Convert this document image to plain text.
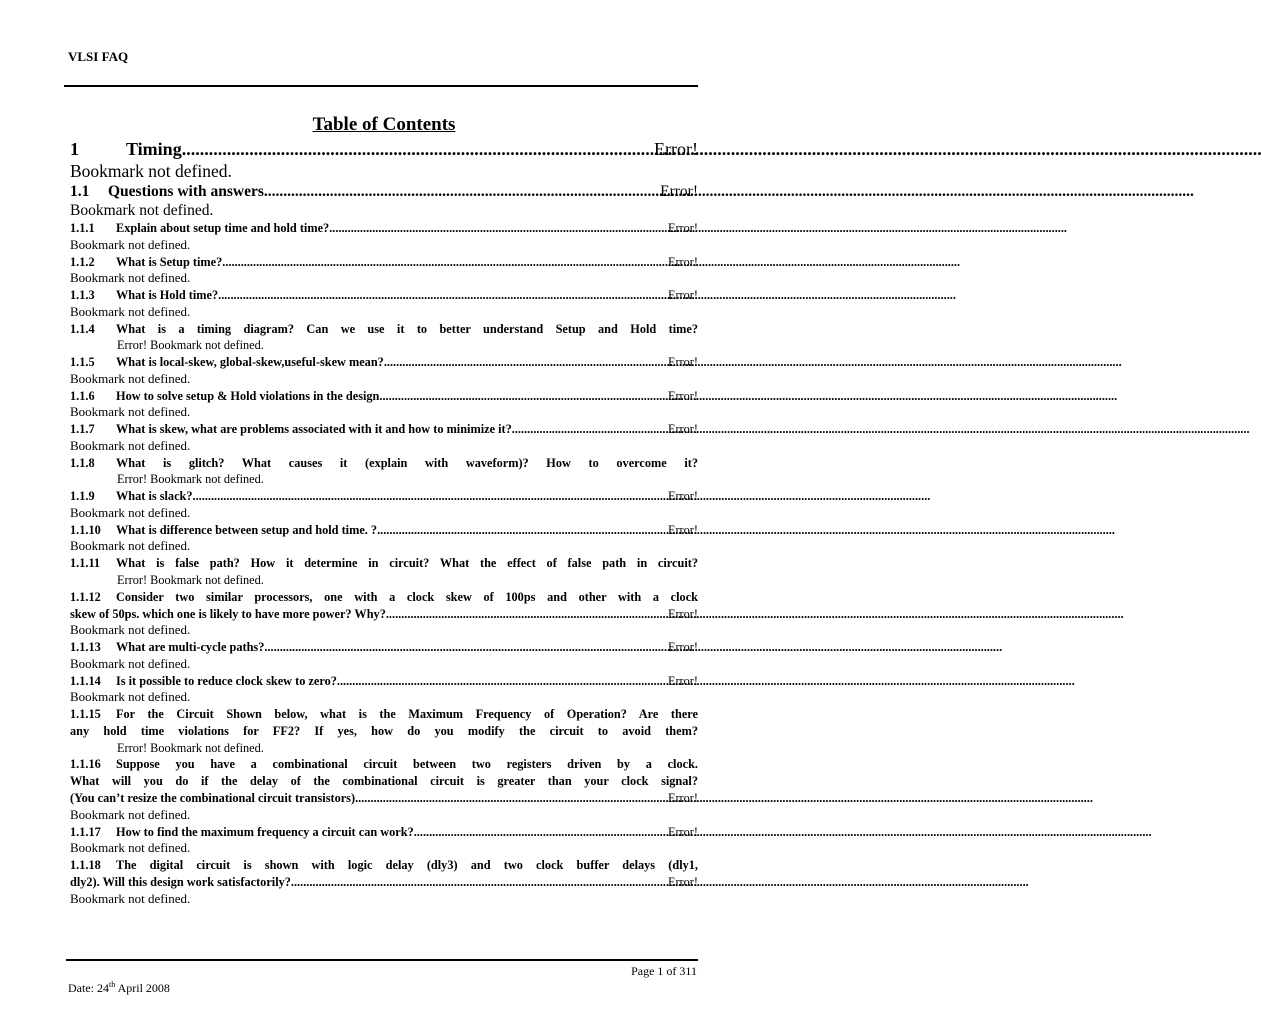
VLSI FAQ
Table of Contents
1	Timing .....	Error!
Bookmark not defined.
1.1 Questions with answers .....	Error!
Bookmark not defined.
1.1.1 Explain about setup time and hold time? .....	Error!
Bookmark not defined.
1.1.2 What is Setup time? .....	Error!
Bookmark not defined.
1.1.3 What is Hold time? .....	Error!
Bookmark not defined.
1.1.4 What is a timing diagram? Can we use it to better understand Setup and Hold time?
Error! Bookmark not defined.
1.1.5 What is local-skew, global-skew,useful-skew mean? .....	Error!
Bookmark not defined.
1.1.6 How to solve setup & Hold violations in the design .....	Error!
Bookmark not defined.
1.1.7 What is skew, what are problems associated with it and how to minimize it? .....	Error!
Bookmark not defined.
1.1.8 What is glitch? What causes it (explain with waveform)? How to overcome it?
Error! Bookmark not defined.
1.1.9 What is slack? .....	Error!
Bookmark not defined.
1.1.10 What is difference between setup and hold time. ? .....	Error!
Bookmark not defined.
1.1.11 What is false path? How it determine in circuit? What the effect of false path in circuit?
Error! Bookmark not defined.
1.1.12 Consider two similar processors, one with a clock skew of 100ps and other with a clock
skew of 50ps. which one is likely to have more power? Why? .....	Error!
Bookmark not defined.
1.1.13 What are multi-cycle paths? .....	Error!
Bookmark not defined.
1.1.14 Is it possible to reduce clock skew to zero? .....	Error!
Bookmark not defined.
1.1.15 For the Circuit Shown below, what is the Maximum Frequency of Operation? Are there
any hold time violations for FF2? If yes, how do you modify the circuit to avoid them?
Error! Bookmark not defined.
1.1.16 Suppose you have a combinational circuit between two registers driven by a clock.
What will you do if the delay of the combinational circuit is greater than your clock signal?
(You can’t resize the combinational circuit transistors) .....	Error!
Bookmark not defined.
1.1.17 How to find the maximum frequency a circuit can work? .....	Error!
Bookmark not defined.
1.1.18 The digital circuit is shown with logic delay (dly3) and two clock buffer delays (dly1,
dly2). Will this design work satisfactorily? .....	Error!
Bookmark not defined.
Page 1 of 311
Date: 24th April 2008
